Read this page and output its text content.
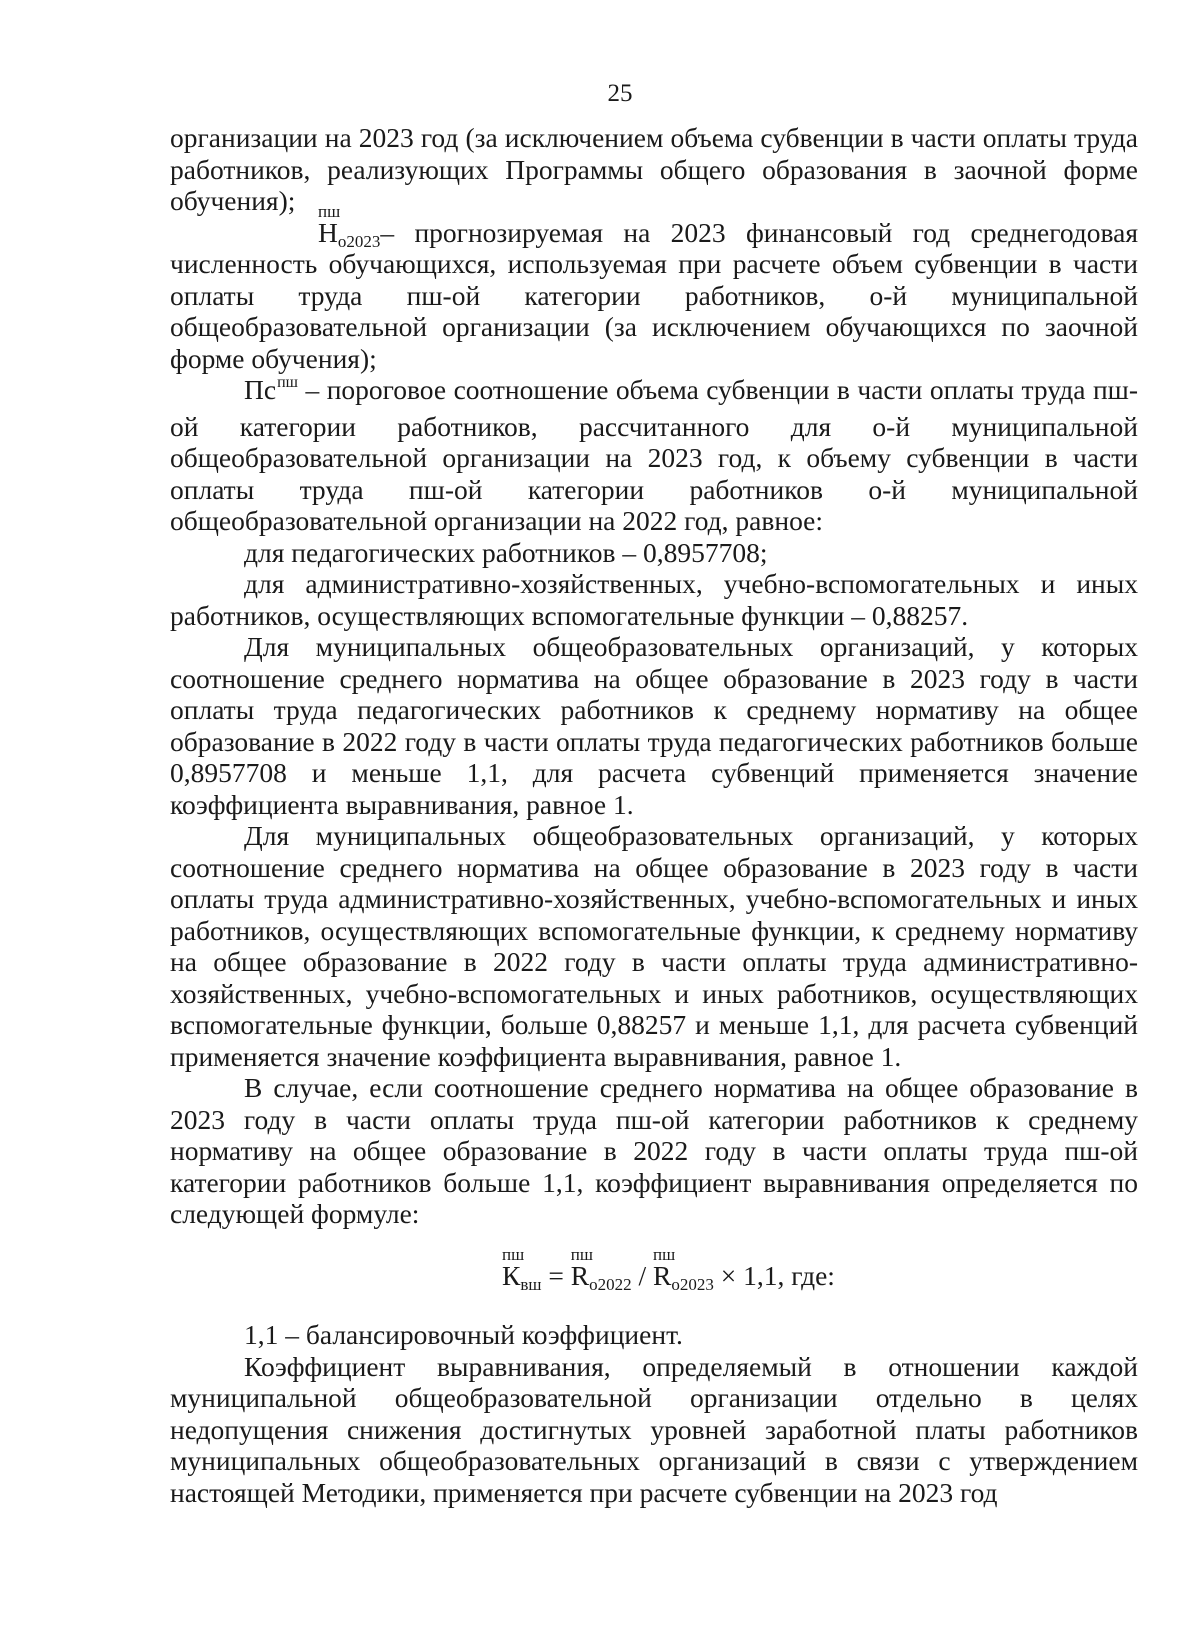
25

организации на 2023 год (за исключением объема субвенции в части оплаты труда работников, реализующих Программы общего образования в заочной форме обучения);

Н
пш
о2023– прогнозируемая на 2023 финансовый год среднегодовая численность обучающихся, используемая при расчете объем субвенции в части оплаты труда пш-ой категории работников, о-й муниципальной общеобразовательной организации (за исключением обучающихся по заочной форме обучения);

$Пс^{пш}$ – пороговое соотношение объема субвенции в части оплаты труда пш-ой категории работников, рассчитанного для о-й муниципальной общеобразовательной организации на 2023 год, к объему субвенции в части оплаты труда пш-ой категории работников о-й муниципальной общеобразовательной организации на 2022 год, равное:

для педагогических работников – 0,8957708;

для административно-хозяйственных, учебно-вспомогательных и иных работников, осуществляющих вспомогательные функции – 0,88257.

Для муниципальных общеобразовательных организаций, у которых соотношение среднего норматива на общее образование в 2023 году в части оплаты труда педагогических работников к среднему нормативу на общее образование в 2022 году в части оплаты труда педагогических работников больше 0,8957708 и меньше 1,1, для расчета субвенций применяется значение коэффициента выравнивания, равное 1.

Для муниципальных общеобразовательных организаций, у которых соотношение среднего норматива на общее образование в 2023 году в части оплаты труда административно-хозяйственных, учебно-вспомогательных и иных работников, осуществляющих вспомогательные функции, к среднему нормативу на общее образование в 2022 году в части оплаты труда административно-хозяйственных, учебно-вспомогательных и иных работников, осуществляющих вспомогательные функции, больше 0,88257 и меньше 1,1, для расчета субвенций применяется значение коэффициента выравнивания, равное 1.

В случае, если соотношение среднего норматива на общее образование в 2023 году в части оплаты труда пш-ой категории работников к среднему нормативу на общее образование в 2022 году в части оплаты труда пш-ой категории работников больше 1,1, коэффициент выравнивания определяется по следующей формуле:

К
пш
вш = R
пш
о2022 / R
пш
о2023 × 1,1, где:

1,1 – балансировочный коэффициент.

Коэффициент выравнивания, определяемый в отношении каждой муниципальной общеобразовательной организации отдельно в целях недопущения снижения достигнутых уровней заработной платы работников муниципальных общеобразовательных организаций в связи с утверждением настоящей Методики, применяется при расчете субвенции на 2023 год
